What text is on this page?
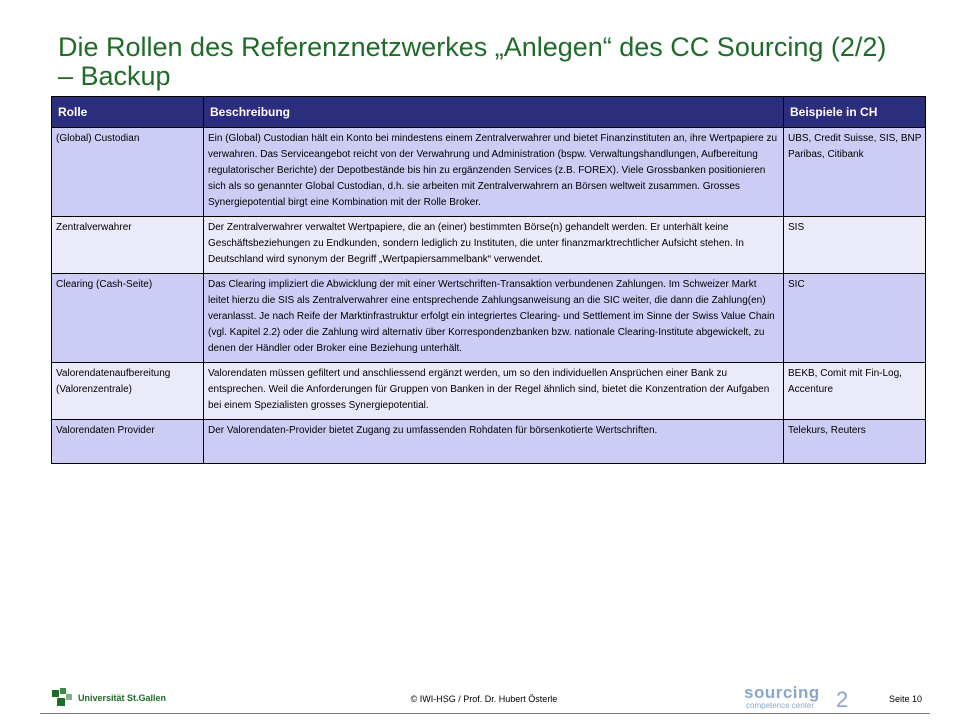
Die Rollen des Referenznetzwerkes „Anlegen“ des CC Sourcing (2/2)
– Backup
Rolle	Beschreibung	Beispiele in CH
(Global) Custodian	Ein (Global) Custodian hält ein Konto bei mindestens einem Zentralverwahrer und bietet Finanzinstituten an, ihre Wertpapiere zu verwahren. Das Serviceangebot reicht von der Verwahrung und Administration (bspw. Verwaltungshandlungen, Aufbereitung regulatorischer Berichte) der Depotbestände bis hin zu ergänzenden Services (z.B. FOREX). Viele Grossbanken positionieren sich als so genannter Global Custodian, d.h. sie arbeiten mit Zentralverwahrern an Börsen weltweit zusammen. Grosses Synergiepotential birgt eine Kombination mit der Rolle Broker.	UBS, Credit Suisse, SIS, BNP Paribas, Citibank
Zentralverwahrer	Der Zentralverwahrer verwaltet Wertpapiere, die an (einer) bestimmten Börse(n) gehandelt werden. Er unterhält keine Geschäftsbeziehungen zu Endkunden, sondern lediglich zu Instituten, die unter finanzmarktrechtlicher Aufsicht stehen. In Deutschland wird synonym der Begriff „Wertpapiersammelbank“ verwendet.	SIS
Clearing (Cash-Seite)	Das Clearing impliziert die Abwicklung der mit einer Wertschriften-Transaktion verbundenen Zahlungen. Im Schweizer Markt leitet hierzu die SIS als Zentralverwahrer eine entsprechende Zahlungsanweisung an die SIC weiter, die dann die Zahlung(en) veranlasst. Je nach Reife der Marktinfrastruktur erfolgt ein integriertes Clearing- und Settlement im Sinne der Swiss Value Chain (vgl. Kapitel 2.2) oder die Zahlung wird alternativ über Korrespondenzbanken bzw. nationale Clearing-Institute abgewickelt, zu denen der Händler oder Broker eine Beziehung unterhält.	SIC
Valorendatenaufbereitung (Valorenzentrale)	Valorendaten müssen gefiltert und anschliessend ergänzt werden, um so den individuellen Ansprüchen einer Bank zu entsprechen. Weil die Anforderungen für Gruppen von Banken in der Regel ähnlich sind, bietet die Konzentration der Aufgaben bei einem Spezialisten grosses Synergiepotential.	BEKB, Comit mit Fin-Log, Accenture
Valorendaten Provider	Der Valorendaten-Provider bietet Zugang zu umfassenden Rohdaten für börsenkotierte Wertschriften.	Telekurs, Reuters
Universität St.Gallen	© IWI-HSG / Prof. Dr. Hubert Österle	sourcing
competence center 2	Seite 10
